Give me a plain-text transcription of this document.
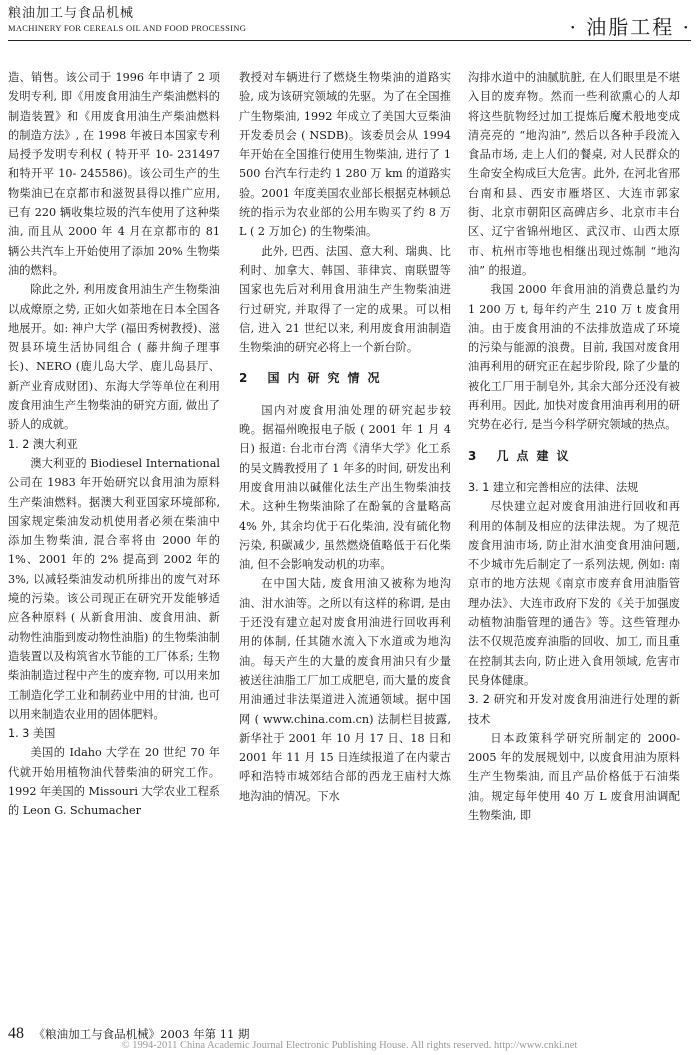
粮油加工与食品机械
MACHINERY FOR CEREALS OIL AND FOOD PROCESSING	· 油脂工程 ·

造、销售。该公司于 1996 年申请了 2 项发明专利, 即《用废食用油生产柴油燃料的制造装置》和《用废食用油生产柴油燃料的制造方法》, 在 1998 年被日本国家专利局授予发明专利权 ( 特开平 10- 231497 和特开平 10- 245586)。该公司生产的生物柴油已在京都市和滋贺县得以推广应用, 已有 220 辆收集垃圾的汽车使用了这种柴油, 而且从 2000 年 4 月在京都市的 81 辆公共汽车上开始使用了添加 20% 生物柴油的燃料。

除此之外, 利用废食用油生产生物柴油以成燎原之势, 正如火如荼地在日本全国各地展开。如: 神户大学 (福田秀树教授)、滋贺县环境生活协同组合 ( 藤井絢子理事长)、NERO (鹿儿岛大学、鹿儿岛县厅、新产业育成财团)、东海大学等单位在利用废食用油生产生物柴油的研究方面, 做出了骄人的成就。

1. 2 澳大利亚

澳大利亚的 Biodiesel International 公司在 1983 年开始研究以食用油为原料生产柴油燃料。据澳大利亚国家环境部称, 国家规定柴油发动机使用者必须在柴油中添加生物柴油, 混合率将由 2000 年的 1%、2001 年的 2% 提高到 2002 年的 3%, 以减轻柴油发动机所排出的废气对环境的污染。该公司现正在研究开发能够适应各种原料 ( 从新食用油、废食用油、新动物性油脂到废动物性油脂) 的生物柴油制造装置以及构筑省水节能的工厂体系; 生物柴油制造过程中产生的废弃物, 可以用来加工制造化学工业和制药业中用的甘油, 也可以用来制造农业用的固体肥料。

1. 3 美国

美国的 Idaho 大学在 20 世纪 70 年代就开始用植物油代替柴油的研究工作。1992 年美国的 Missouri 大学农业工程系的 Leon G. Schumacher

教授对车辆进行了燃烧生物柴油的道路实验, 成为该研究领域的先驱。为了在全国推广生物柴油, 1992 年成立了美国大豆柴油开发委员会 ( NSDB)。该委员会从 1994 年开始在全国推行使用生物柴油, 进行了 1 500 台汽车行走约 1 280 万 km 的道路实验。2001 年度美国农业部长根据克林顿总统的指示为农业部的公用车购买了约 8 万 L ( 2 万加仑) 的生物柴油。

此外, 巴西、法国、意大利、瑞典、比利时、加拿大、韩国、菲律宾、南联盟等国家也先后对利用食用油生产生物柴油进行过研究, 并取得了一定的成果。可以相信, 进入 21 世纪以来, 利用废食用油制造生物柴油的研究必将上一个新台阶。

2 国内研究情况

国内对废食用油处理的研究起步较晚。据福州晚报电子版 ( 2001 年 1 月 4 日) 报道: 台北市台湾《清华大学》化工系的吴文腾教授用了 1 年多的时间, 研发出利用废食用油以碱催化法生产出生物柴油技术。这种生物柴油除了在酚氧的含量略高 4% 外, 其余均优于石化柴油, 没有硫化物污染, 积碳减少, 虽然燃烧值略低于石化柴油, 但不会影响发动机的功率。

在中国大陆, 废食用油又被称为地沟油、泔水油等。之所以有这样的称谓, 是由于还没有建立起对废食用油进行回收再利用的体制, 任其随水流入下水道或为地沟油。每天产生的大量的废食用油只有少量被送往油脂工厂加工成肥皂, 而大量的废食用油通过非法渠道进入流通领域。据中国网 ( www.china.com.cn) 法制栏目披露, 新华社于 2001 年 10 月 17 日、18 日和 2001 年 11 月 15 日连续报道了在内蒙古呼和浩特市城郊结合部的西龙王庙村大炼地沟油的情况。下水

沟排水道中的油腻肮脏, 在人们眼里是不堪入目的废弃物。然而一些利欲熏心的人却将这些肮物经过加工提炼后魔术般地变成清亮亮的 “地沟油”, 然后以各种手段流入食品市场, 走上人们的餐桌, 对人民群众的生命安全构成巨大危害。此外, 在河北省邢台南和县、西安市雁塔区、大连市郭家街、北京市朝阳区高碑店乡、北京市丰台区、辽宁省锦州地区、武汉市、山西太原市、杭州市等地也相继出现过炼制 “地沟油” 的报道。

我国 2000 年食用油的消费总量约为 1 200 万 t, 每年约产生 210 万 t 废食用油。由于废食用油的不法排放造成了环境的污染与能源的浪费。目前, 我国对废食用油再利用的研究正在起步阶段, 除了少量的被化工厂用于制皂外, 其余大部分还没有被再利用。因此, 加快对废食用油再利用的研究势在必行, 是当今科学研究领域的热点。

3 几点建议
3. 1 建立和完善相应的法律、法规

尽快建立起对废食用油进行回收和再利用的体制及相应的法律法规。为了规范废食用油市场, 防止泔水油变食用油问题, 不少城市先后制定了一系列法规, 例如: 南京市的地方法规《南京市废弃食用油脂管理办法》、大连市政府下发的《关于加强废动植物油脂管理的通告》等。这些管理办法不仅规范废弃油脂的回收、加工, 而且重在控制其去向, 防止进入食用领域, 危害市民身体健康。

3. 2 研究和开发对废食用油进行处理的新技术

日本政策科学研究所制定的 2000- 2005 年的发展规划中, 以废食用油为原料生产生物柴油, 而且产品价格低于石油柴油。规定每年使用 40 万 L 废食用油调配生物柴油, 即

48 《粮油加工与食品机械》2003 年第 11 期
© 1994-2011 China Academic Journal Electronic Publishing House. All rights reserved. http://www.cnki.net
